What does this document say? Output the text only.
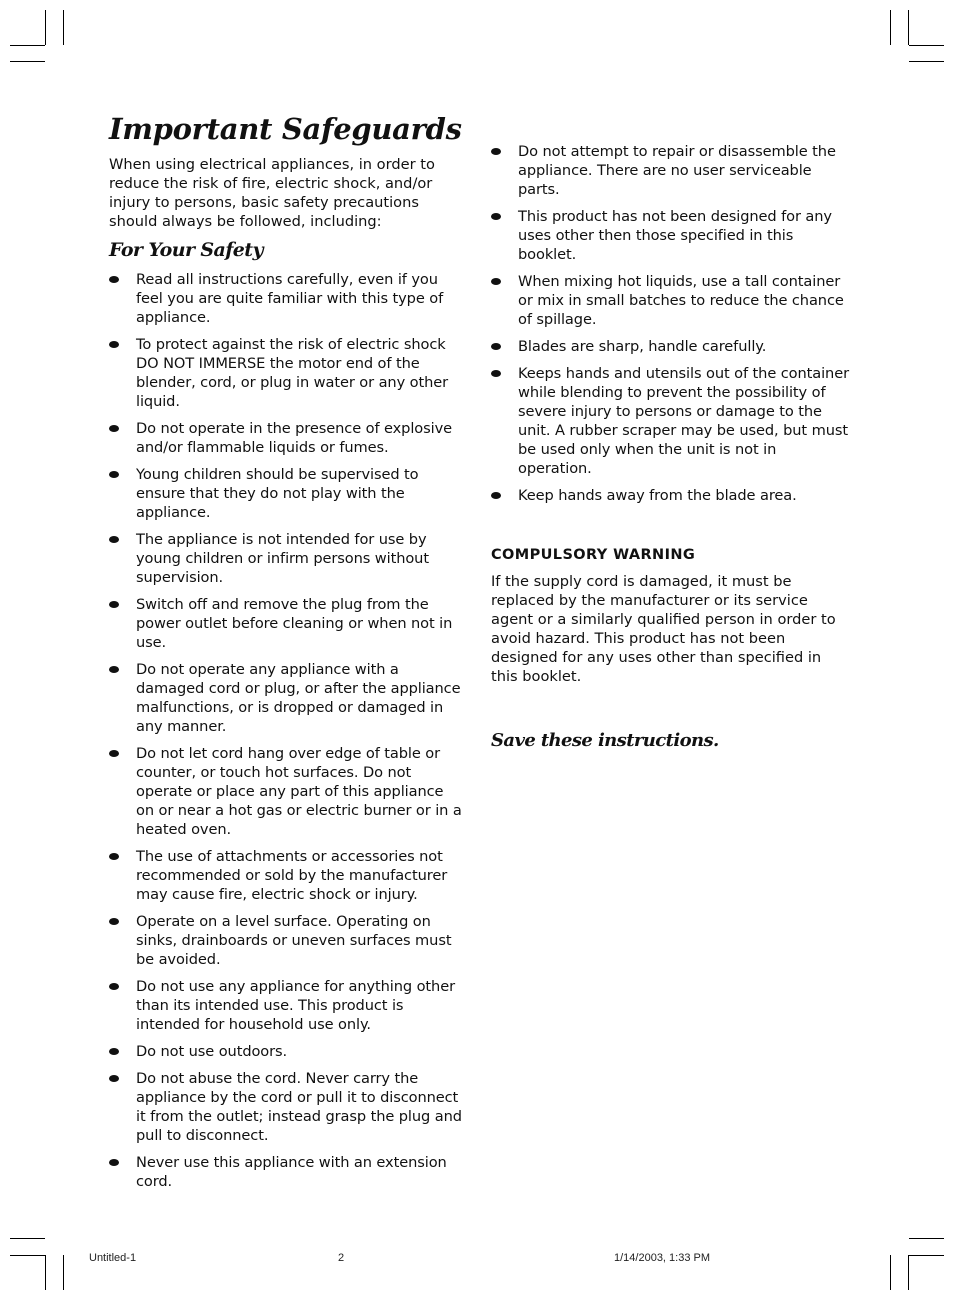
Important Safeguards

When using electrical appliances, in order to reduce the risk of fire, electric shock, and/or injury to persons, basic safety precautions should always be followed, including:

For Your Safety
Read all instructions carefully, even if you feel you are quite familiar with this type of appliance.
To protect against the risk of electric shock DO NOT IMMERSE the motor end of the blender, cord, or plug in water or any other liquid.
Do not operate in the presence of explosive and/or flammable liquids or fumes.
Young children should be supervised to ensure that they do not play with the appliance.
The appliance is not intended for use by young children or infirm persons without supervision.
Switch off and remove the plug from the power outlet before cleaning or when not in use.
Do not operate any appliance with a damaged cord or plug, or after the appliance malfunctions, or is dropped or damaged in any manner.
Do not let cord hang over edge of table or counter, or touch hot surfaces. Do not operate or place any part of this appliance on or near a hot gas or electric burner or in a heated oven.
The use of attachments or accessories not recommended or sold by the manufacturer may cause fire, electric shock or injury.
Operate on a level surface. Operating on sinks, drainboards or uneven surfaces must be avoided.
Do not use any appliance for anything other than its intended use. This product is intended for household use only.
Do not use outdoors.
Do not abuse the cord. Never carry the appliance by the cord or pull it to disconnect it from the outlet; instead grasp the plug and pull to disconnect.
Never use this appliance with an extension cord.
Do not attempt to repair or disassemble the appliance. There are no user serviceable parts.
This product has not been designed for any uses other then those specified in this booklet.
When mixing hot liquids, use a tall container or mix in small batches to reduce the chance of spillage.
Blades are sharp, handle carefully.
Keeps hands and utensils out of the container while blending to prevent the possibility of severe injury to persons or damage to the unit. A rubber scraper may be used, but must be used only when the unit is not in operation.
Keep hands away from the blade area.
COMPULSORY WARNING

If the supply cord is damaged, it must be replaced by the manufacturer or its service agent or a similarly qualified person in order to avoid hazard. This product has not been designed for any uses other than specified in this booklet.

Save these instructions.
Untitled-1	2	1/14/2003, 1:33 PM
